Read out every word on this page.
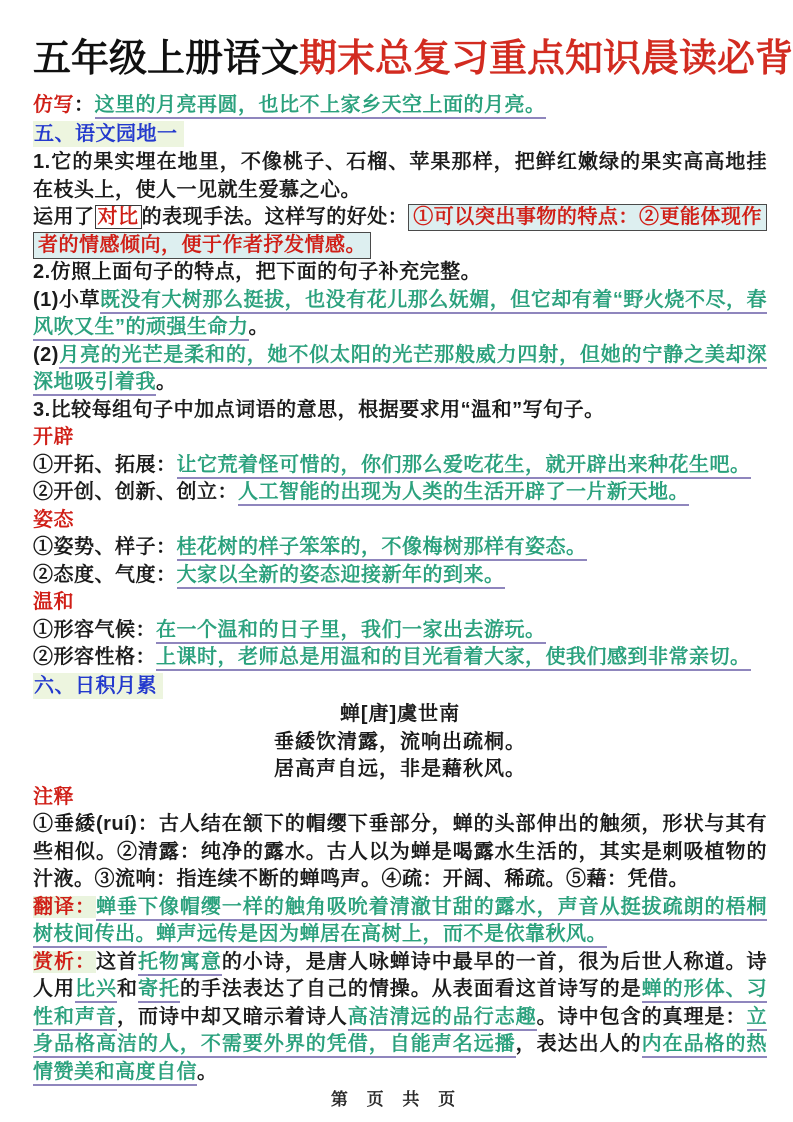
五年级上册语文期末总复习重点知识晨读必背

仿写：这里的月亮再圆，也比不上家乡天空上面的月亮。

五、语文园地一

1.它的果实埋在地里，不像桃子、石榴、苹果那样，把鲜红嫩绿的果实高高地挂在枝头上，使人一见就生爱慕之心。

运用了 对比 的表现手法。这样写的好处： ①可以突出事物的特点：②更能体现作者的情感倾向，便于作者抒发情感。

2.仿照上面句子的特点，把下面的句子补充完整。

(1)小草既没有大树那么挺拔，也没有花儿那么妩媚，但它却有着“野火烧不尽，春风吹又生”的顽强生命力。

(2)月亮的光芒是柔和的，她不似太阳的光芒那般威力四射，但她的宁静之美却深深地吸引着我。

3.比较每组句子中加点词语的意思，根据要求用“温和”写句子。

开辟

①开拓、拓展：让它荒着怪可惜的，你们那么爱吃花生，就开辟出来种花生吧。

②开创、创新、创立：人工智能的出现为人类的生活开辟了一片新天地。

姿态

①姿势、样子：桂花树的样子笨笨的，不像梅树那样有姿态。

②态度、气度：大家以全新的姿态迎接新年的到来。

温和

①形容气候：在一个温和的日子里，我们一家出去游玩。

②形容性格：上课时，老师总是用温和的目光看着大家，使我们感到非常亲切。

六、日积月累

蝉[唐]虞世南

垂緌饮清露，流响出疏桐。

居高声自远，非是藉秋风。

注释

①垂緌(ruí)：古人结在颔下的帽缨下垂部分，蝉的头部伸出的触须，形状与其有些相似。②清露：纯净的露水。古人以为蝉是喝露水生活的，其实是刺吸植物的汁液。③流响：指连续不断的蝉鸣声。④疏：开阔、稀疏。⑤藉：凭借。

翻译：蝉垂下像帽缨一样的触角吸吮着清澈甘甜的露水，声音从挺拔疏朗的梧桐树枝间传出。蝉声远传是因为蝉居在高树上，而不是依靠秋风。

赏析：这首托物寓意的小诗，是唐人咏蝉诗中最早的一首，很为后世人称道。诗人用比兴和寄托的手法表达了自己的情操。从表面看这首诗写的是蝉的形体、习性和声音，而诗中却又暗示着诗人高洁清远的品行志趣。诗中包含的真理是：立身品格高洁的人，不需要外界的凭借，自能声名远播，表达出人的内在品格的热情赞美和高度自信。

第 页 共 页
